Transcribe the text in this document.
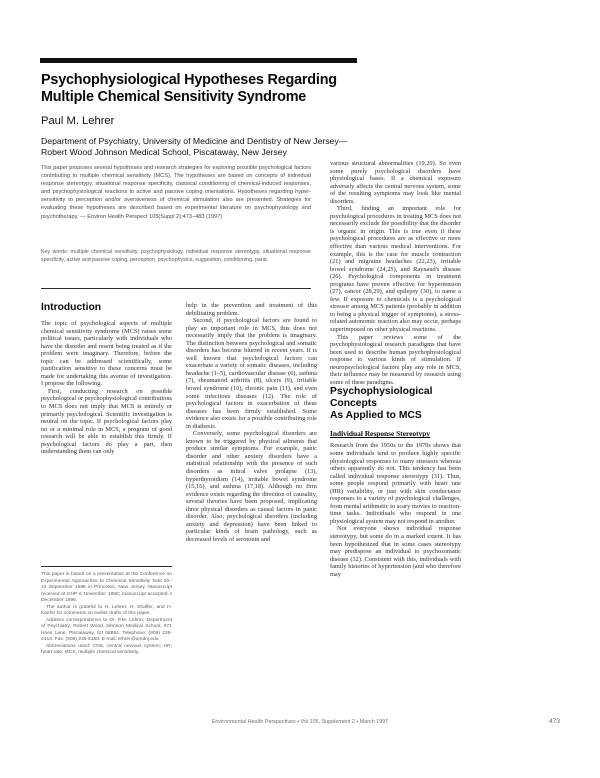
Psychophysiological Hypotheses Regarding
Multiple Chemical Sensitivity Syndrome
Paul M. Lehrer
Department of Psychiatry, University of Medicine and Dentistry of New Jersey—Robert Wood Johnson Medical School, Piscataway, New Jersey
This paper proposes several hypotheses and research strategies for exploring possible psychological factors contributing to multiple chemical sensitivity (MCS). The hypotheses are based on concepts of individual response stereotypy, situational response specificity, classical conditioning of chemical-induced responses, and psychophysiological reactions to active and passive coping orientations. Hypotheses regarding hyper-sensitivity to perception and/or aversiveness of chemical stimulation also are presented. Strategies for evaluating these hypotheses are described based on experimental literature on psychophysiology and psychotherapy. — Environ Health Perspect 105(Suppl 2):473–483 (1997)
Key words: multiple chemical sensitivity, psychophysiology, individual response stereotypy, situational response specificity, active and passive coping, perception, psychophysics, suggestion, conditioning, panic
Introduction

The topic of psychological aspects of multiple chemical sensitivity syndrome (MCS) raises some political issues, particularly with individuals who have the disorder and resent being treated as if the problem were imaginary. Therefore, before the topic can be addressed scientifically, some justification sensitive to these concerns must be made for undertaking this avenue of investigation. I propose the following.

First, conducting research on possible psychological or psychophysiological contributions to MCS does not imply that MCS is entirely or primarily psychological. Scientific investigation is neutral on the topic. If psychological factors play no or a minimal role in MCS, a program of good research will be able to establish this firmly. If psychological factors do play a part, then understanding them can only

help in the prevention and treatment of this debilitating problem.

Second, if psychological factors are found to play an important role in MCS, this does not necessarily imply that the problem is imaginary. The distinction between psychological and somatic disorders has become blurred in recent years. It is well known that psychological factors can exacerbate a variety of somatic diseases, including headache (1–5), cardiovascular disease (6), asthma (7), rheumatoid arthritis (8), ulcers (9), irritable bowel syndrome (10), chronic pain (11), and even some infectious diseases (12). The role of psychological factors in exacerbation of these diseases has been firmly established. Some evidence also exists for a possible contributing role in diathesis.

Conversely, some psychological disorders are known to be triggered by physical ailments that produce similar symptoms. For example, panic disorder and other anxiety disorders have a statistical relationship with the presence of such disorders as mitral valve prolapse (13), hyperthyroidism (14), irritable bowel syndrome (15,16), and asthma (17,18). Although no firm evidence exists regarding the direction of causality, several theories have been proposed, implicating three physical disorders as causal factors in panic disorder. Also, psychological disorders (including anxiety and depression) have been linked to particular kinds of brain pathology, such as decreased levels of serotonin and

various structural abnormalities (19,20). So even some purely psychological disorders have physiological bases. If a chemical exposure adversely affects the central nervous system, some of the resulting symptoms may look like mental disorders.

Third, finding an important role for psychological procedures in treating MCS does not necessarily exclude the possibility that the disorder is organic in origin. This is true even if these psychological procedures are as effective or more effective than various medical interventions. For example, this is the case for muscle contraction (21) and migraine headaches (22,23), irritable bowel syndrome (24,25), and Raynaud's disease (26). Psychological components in treatment programs have proven effective for hypertension (27), cancer (28,29), and epilepsy (30), to name a few. If exposure to chemicals is a psychological stressor among MCS patients (probably in addition to being a physical trigger of symptoms), a stress-related autonomic reaction also may occur, perhaps superimposed on other physical reactions.

This paper reviews some of the psychophysiological research paradigms that have been used to describe human psychophysiological response to various kinds of stimulation. If neuropsychological factors play any role in MCS, their influence may be measured by research using some of these paradigms.

Psychophysiological Concepts
As Applied to MCS
Individual Response Stereotypy

Research from the 1950s to the 1970s shows that some individuals tend to produce highly specific physiological responses to many stressors whereas others apparently do not. This tendency has been called individual response stereotypy (31). Thus, some people respond primarily with heart rate (HR) variability, or just with skin conductance responses to a variety of psychological challenges, from mental arithmetic to scary movies to reaction-time tasks. Individuals who respond in one physiological system may not respond in another.

Not everyone shows individual response stereotypy, but some do in a marked extent. It has been hypothesized that in some cases stereotypy may predispose an individual to psychosomatic disease (32). Consistent with this, individuals with family histories of hypertension (and who therefore may

This paper is based on a presentation at the Conference on Experimental Approaches to Chemical Sensitivity held 20–22 September 1996 in Princeton, New Jersey. Manuscript received at EHP 6 November 1996; manuscript accepted 4 December 1996.

The author is grateful to H. Lehrer, H. Shaffer, and H. Kaehn for comments on earlier drafts of this paper.

Address correspondence to Dr. P.M. Lehrer, Department of Psychiatry, Robert Wood Johnson Medical School, 671 Hoes Lane, Piscataway, NJ 08854. Telephone: (908) 235-4413. Fax: (908) 235-5158. E-mail: lehrer@umdnj.edu

Abbreviations used: CNS, central nervous system; HR, heart rate; MCS, multiple chemical sensitivity.

Environmental Health Perspectives • Vol 105, Supplement 2 • March 1997	473
